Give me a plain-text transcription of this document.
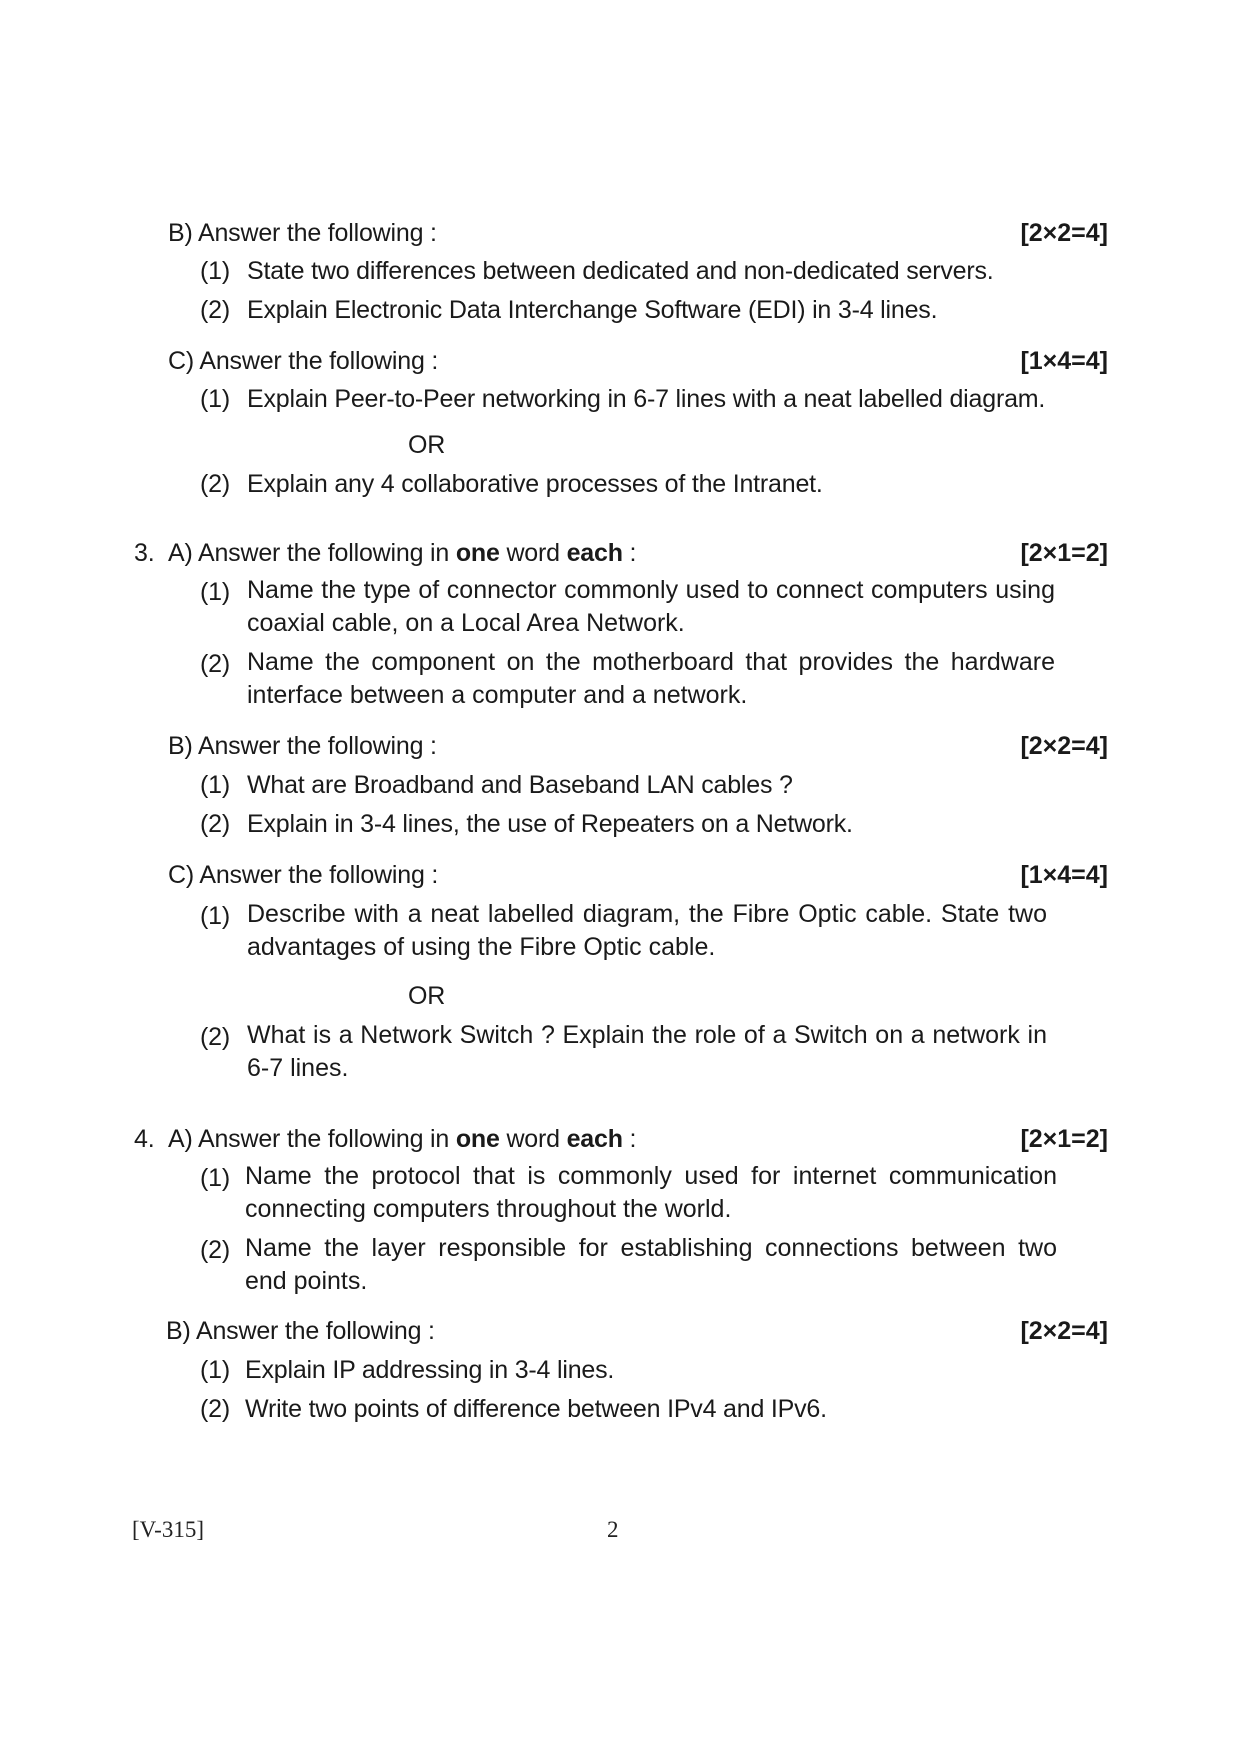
B) Answer the following :	[2×2=4]
(1) State two differences between dedicated and non-dedicated servers.
(2) Explain Electronic Data Interchange Software (EDI) in 3-4 lines.
C) Answer the following :	[1×4=4]
(1) Explain Peer-to-Peer networking in 6-7 lines with a neat labelled diagram.
OR
(2) Explain any 4 collaborative processes of the Intranet.
3. A) Answer the following in one word each :	[2×1=2]
(1) Name the type of connector commonly used to connect computers using coaxial cable, on a Local Area Network.
(2) Name the component on the motherboard that provides the hardware interface between a computer and a network.
B) Answer the following :	[2×2=4]
(1) What are Broadband and Baseband LAN cables ?
(2) Explain in 3-4 lines, the use of Repeaters on a Network.
C) Answer the following :	[1×4=4]
(1) Describe with a neat labelled diagram, the Fibre Optic cable. State two advantages of using the Fibre Optic cable.
OR
(2) What is a Network Switch ? Explain the role of a Switch on a network in 6-7 lines.
4. A) Answer the following in one word each :	[2×1=2]
(1) Name the protocol that is commonly used for internet communication connecting computers throughout the world.
(2) Name the layer responsible for establishing connections between two end points.
B) Answer the following :	[2×2=4]
(1) Explain IP addressing in 3-4 lines.
(2) Write two points of difference between IPv4 and IPv6.
[V-315]	2
